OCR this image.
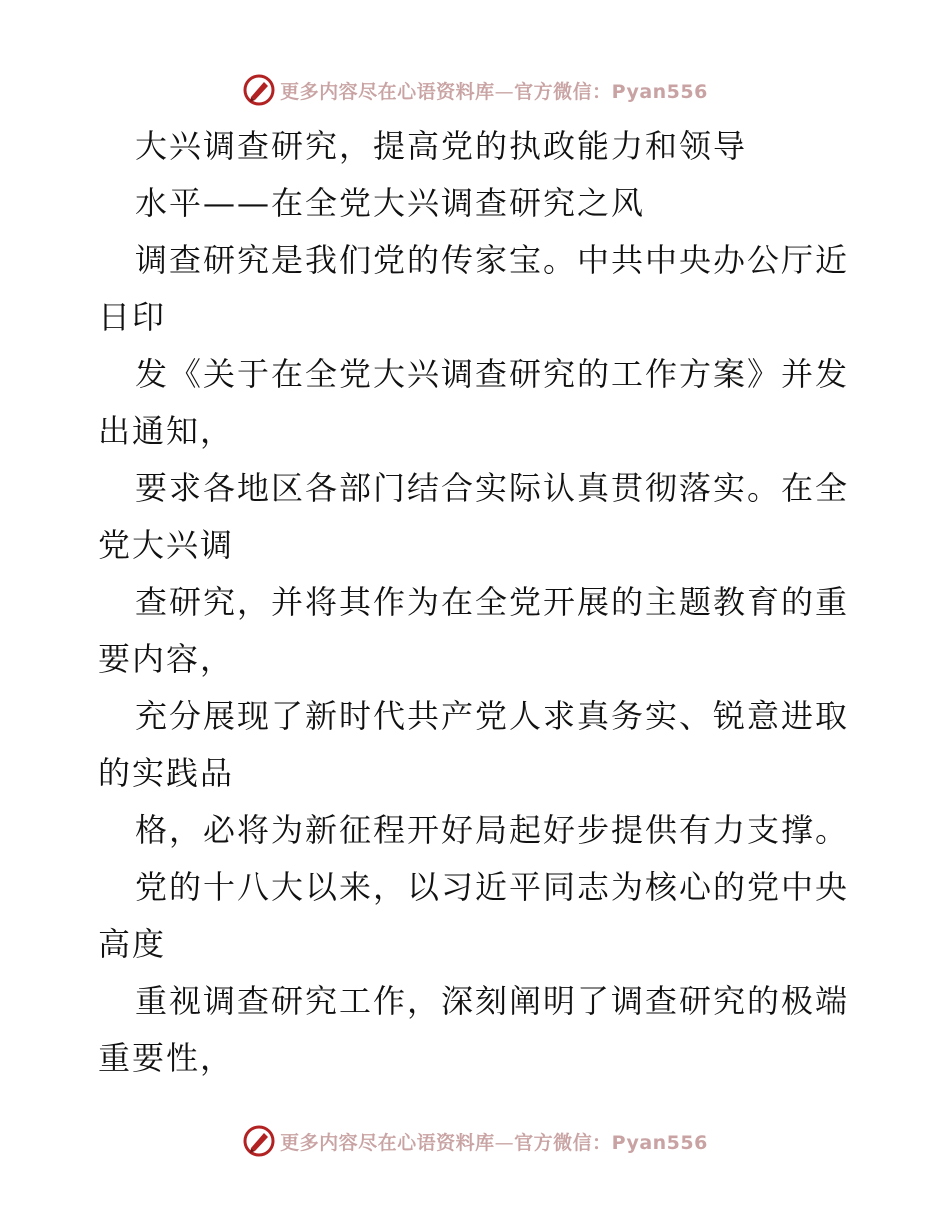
更多内容尽在心语资料库—官方微信：Pyan556
大兴调查研究，提高党的执政能力和领导
水平——在全党大兴调查研究之风
调查研究是我们党的传家宝。中共中央办公厅近
日印
发《关于在全党大兴调查研究的工作方案》并发
出通知，
要求各地区各部门结合实际认真贯彻落实。在全
党大兴调
查研究，并将其作为在全党开展的主题教育的重
要内容，
充分展现了新时代共产党人求真务实、锐意进取
的实践品
格，必将为新征程开好局起好步提供有力支撑。
党的十八大以来，以习近平同志为核心的党中央
高度
重视调查研究工作，深刻阐明了调查研究的极端
重要性，
更多内容尽在心语资料库—官方微信：Pyan556
